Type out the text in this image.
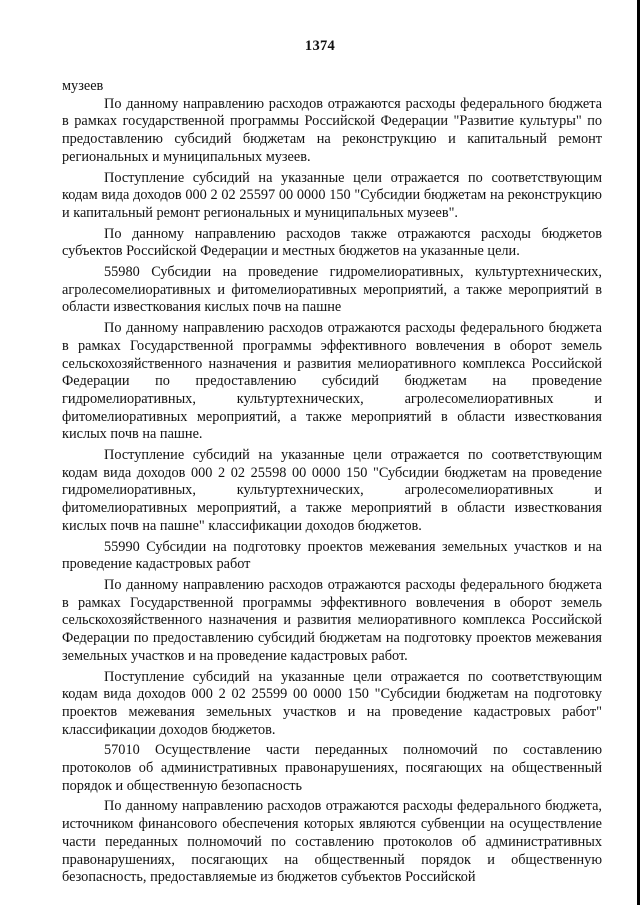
1374

музеев

По данному направлению расходов отражаются расходы федерального бюджета в рамках государственной программы Российской Федерации "Развитие культуры" по предоставлению субсидий бюджетам на реконструкцию и капитальный ремонт региональных и муниципальных музеев.

Поступление субсидий на указанные цели отражается по соответствующим кодам вида доходов 000 2 02 25597 00 0000 150 "Субсидии бюджетам на реконструкцию и капитальный ремонт региональных и муниципальных музеев".

По данному направлению расходов также отражаются расходы бюджетов субъектов Российской Федерации и местных бюджетов на указанные цели.

55980 Субсидии на проведение гидромелиоративных, культуртехнических, агролесомелиоративных и фитомелиоративных мероприятий, а также мероприятий в области известкования кислых почв на пашне

По данному направлению расходов отражаются расходы федерального бюджета в рамках Государственной программы эффективного вовлечения в оборот земель сельскохозяйственного назначения и развития мелиоративного комплекса Российской Федерации по предоставлению субсидий бюджетам на проведение гидромелиоративных, культуртехнических, агролесомелиоративных и фитомелиоративных мероприятий, а также мероприятий в области известкования кислых почв на пашне.

Поступление субсидий на указанные цели отражается по соответствующим кодам вида доходов 000 2 02 25598 00 0000 150 "Субсидии бюджетам на проведение гидромелиоративных, культуртехнических, агролесомелиоративных и фитомелиоративных мероприятий, а также мероприятий в области известкования кислых почв на пашне" классификации доходов бюджетов.

55990 Субсидии на подготовку проектов межевания земельных участков и на проведение кадастровых работ

По данному направлению расходов отражаются расходы федерального бюджета в рамках Государственной программы эффективного вовлечения в оборот земель сельскохозяйственного назначения и развития мелиоративного комплекса Российской Федерации по предоставлению субсидий бюджетам на подготовку проектов межевания земельных участков и на проведение кадастровых работ.

Поступление субсидий на указанные цели отражается по соответствующим кодам вида доходов 000 2 02 25599 00 0000 150 "Субсидии бюджетам на подготовку проектов межевания земельных участков и на проведение кадастровых работ" классификации доходов бюджетов.

57010 Осуществление части переданных полномочий по составлению протоколов об административных правонарушениях, посягающих на общественный порядок и общественную безопасность

По данному направлению расходов отражаются расходы федерального бюджета, источником финансового обеспечения которых являются субвенции на осуществление части переданных полномочий по составлению протоколов об административных правонарушениях, посягающих на общественный порядок и общественную безопасность, предоставляемые из бюджетов субъектов Российской
